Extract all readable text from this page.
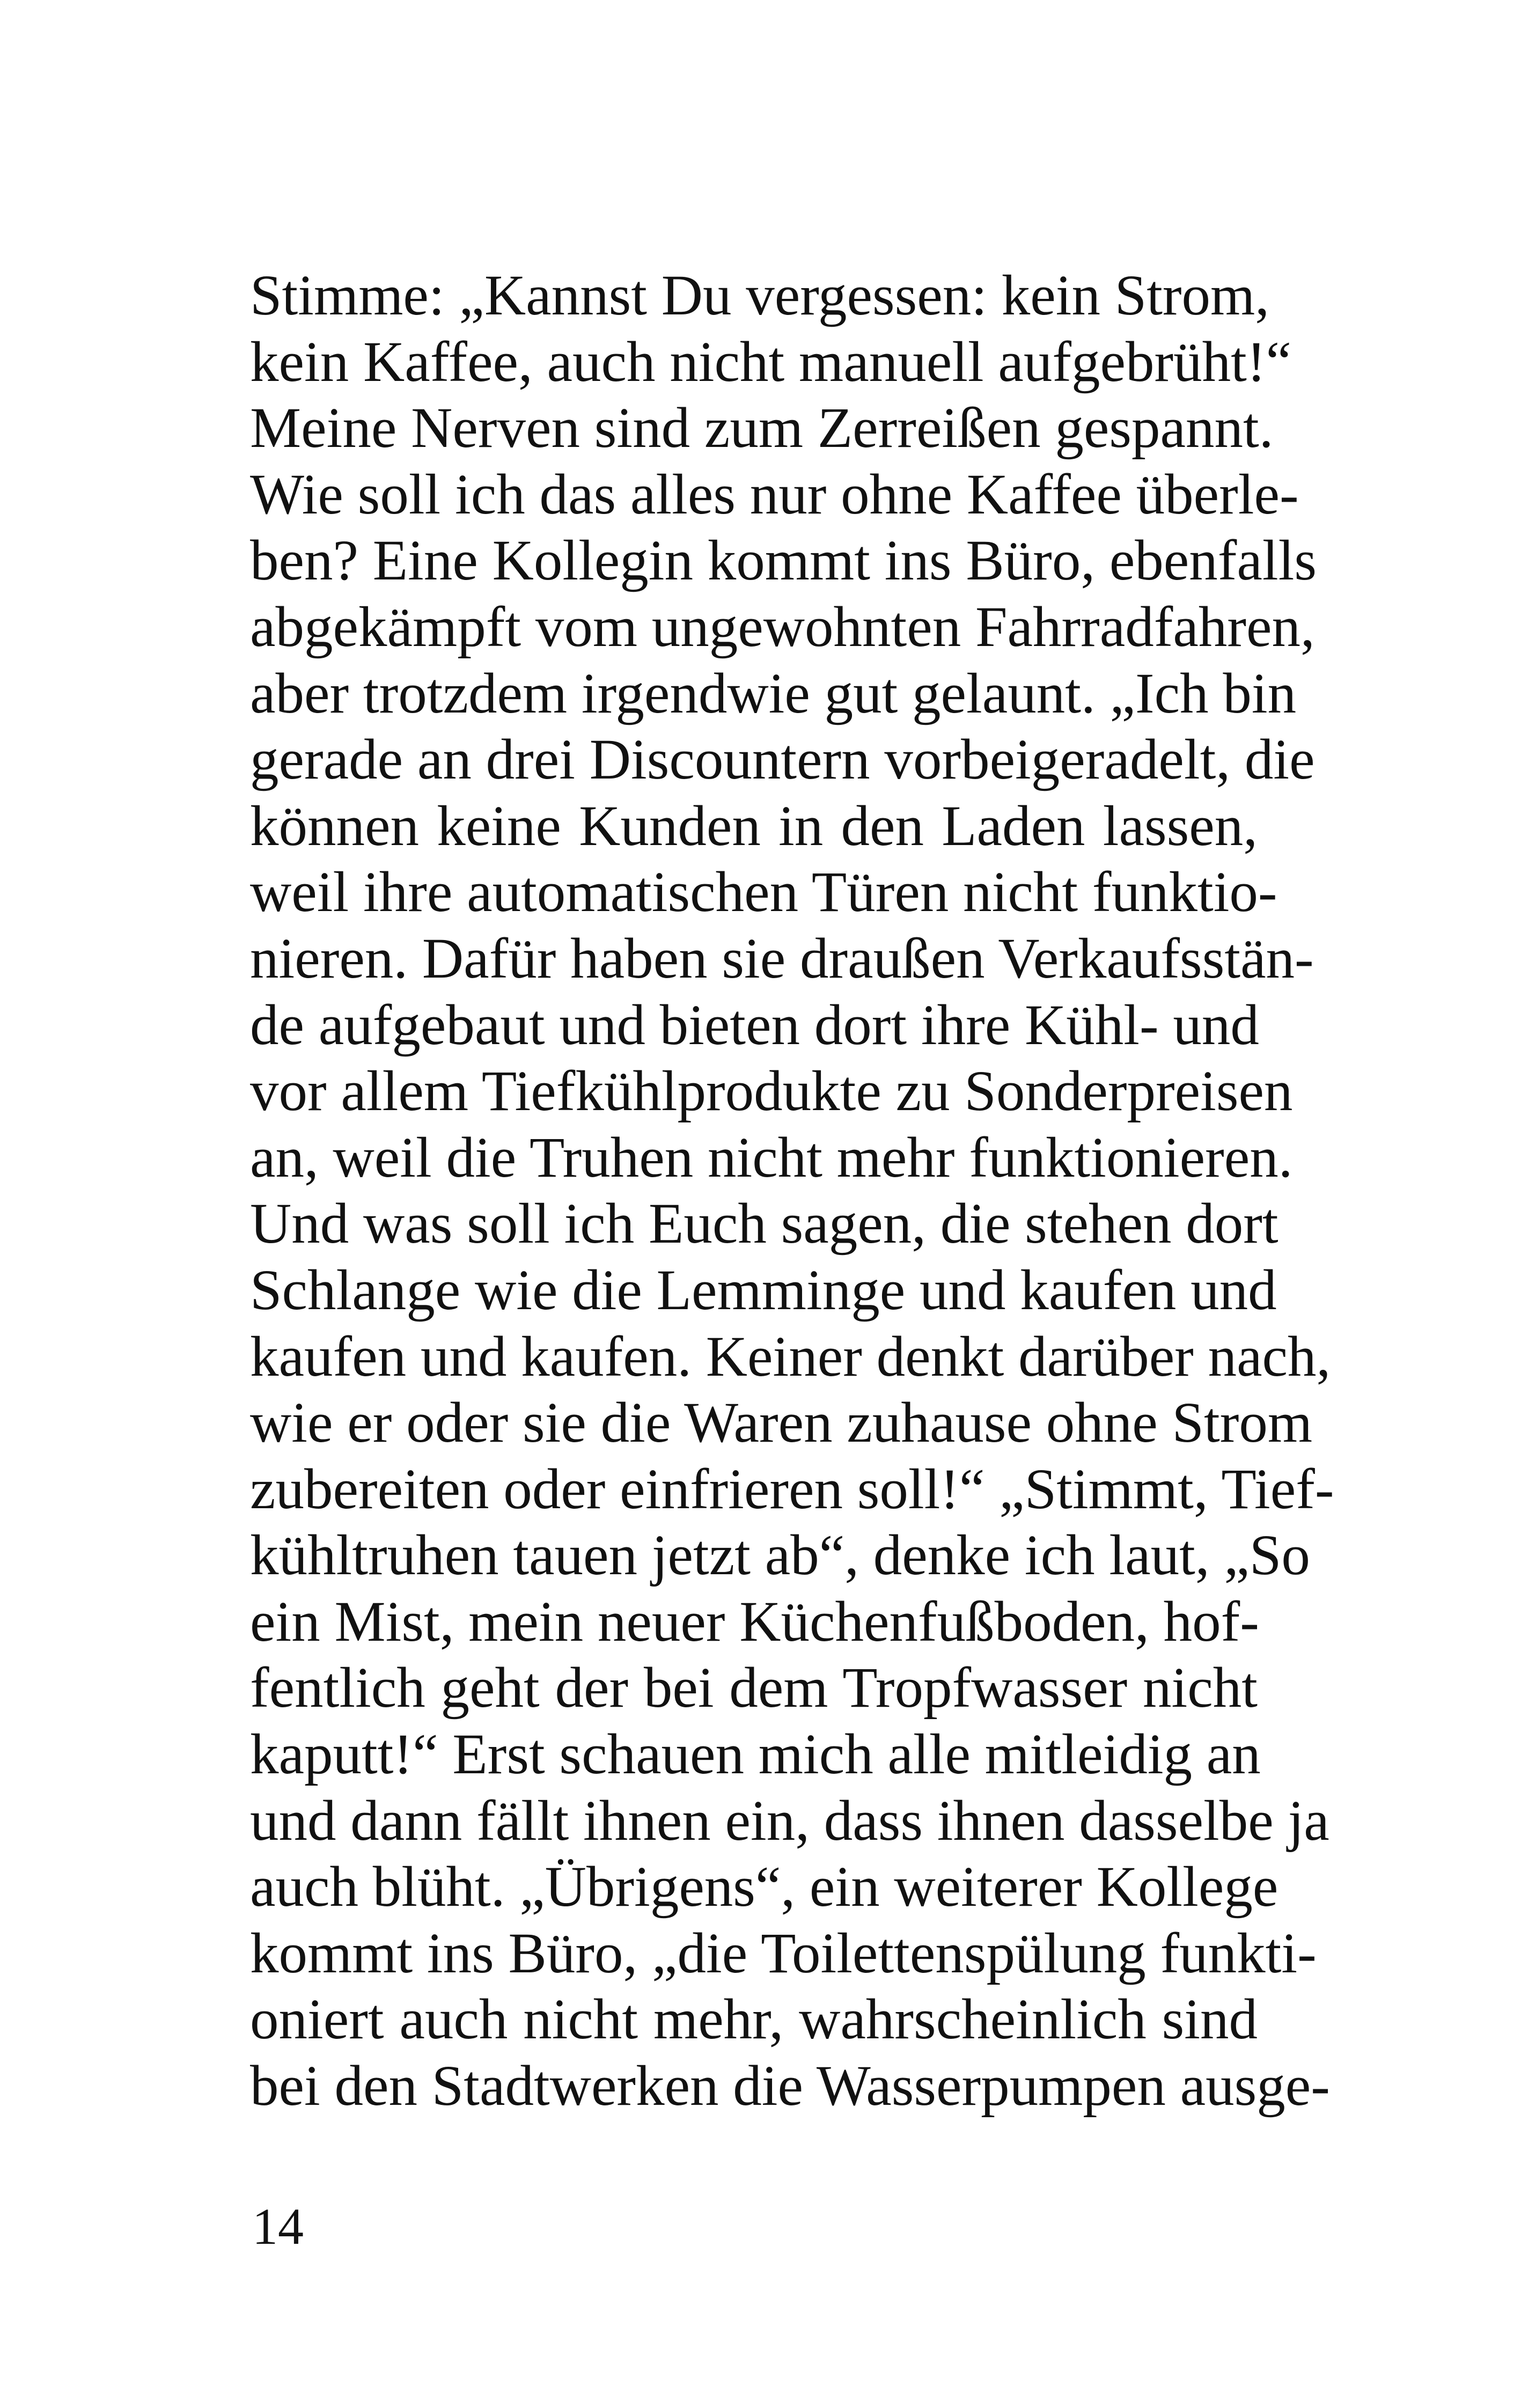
Stimme: „Kannst Du vergessen: kein Strom,
kein Kaffee, auch nicht manuell aufgebrüht!“
Meine Nerven sind zum Zerreißen gespannt.
Wie soll ich das alles nur ohne Kaffee überle-
ben? Eine Kollegin kommt ins Büro, ebenfalls
abgekämpft vom ungewohnten Fahrradfahren,
aber trotzdem irgendwie gut gelaunt. „Ich bin
gerade an drei Discountern vorbeigeradelt, die
können keine Kunden in den Laden lassen,
weil ihre automatischen Türen nicht funktio-
nieren. Dafür haben sie draußen Verkaufsstän-
de aufgebaut und bieten dort ihre Kühl- und
vor allem Tiefkühlprodukte zu Sonderpreisen
an, weil die Truhen nicht mehr funktionieren.
Und was soll ich Euch sagen, die stehen dort
Schlange wie die Lemminge und kaufen und
kaufen und kaufen. Keiner denkt darüber nach,
wie er oder sie die Waren zuhause ohne Strom
zubereiten oder einfrieren soll!“ „Stimmt, Tief-
kühltruhen tauen jetzt ab“, denke ich laut, „So
ein Mist, mein neuer Küchenfußboden, hof-
fentlich geht der bei dem Tropfwasser nicht
kaputt!“ Erst schauen mich alle mitleidig an
und dann fällt ihnen ein, dass ihnen dasselbe ja
auch blüht. „Übrigens“, ein weiterer Kollege
kommt ins Büro, „die Toilettenspülung funkti-
oniert auch nicht mehr, wahrscheinlich sind
bei den Stadtwerken die Wasserpumpen ausge-
14
